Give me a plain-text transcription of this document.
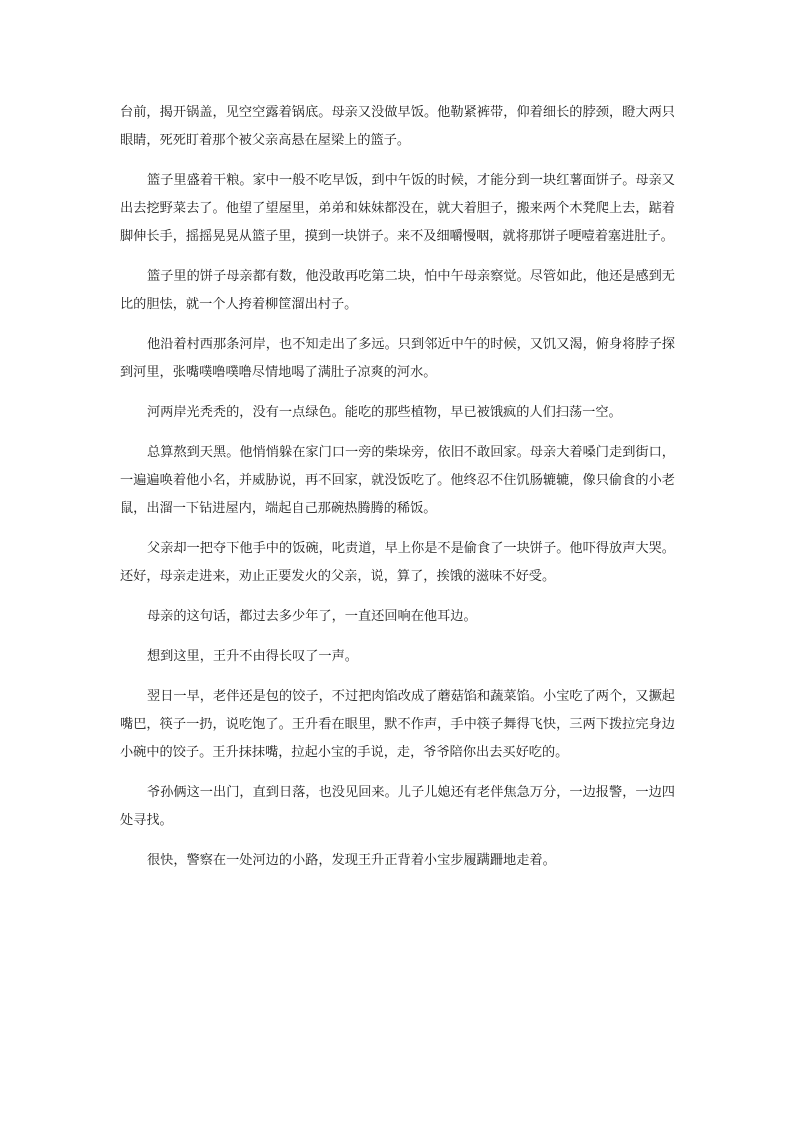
台前，揭开锅盖，见空空露着锅底。母亲又没做早饭。他勒紧裤带，仰着细长的脖颈，瞪大两只眼睛，死死盯着那个被父亲高悬在屋梁上的篮子。

篮子里盛着干粮。家中一般不吃早饭，到中午饭的时候，才能分到一块红薯面饼子。母亲又出去挖野菜去了。他望了望屋里，弟弟和妹妹都没在，就大着胆子，搬来两个木凳爬上去，踮着脚伸长手，摇摇晃晃从篮子里，摸到一块饼子。来不及细嚼慢咽，就将那饼子哽噎着塞进肚子。

篮子里的饼子母亲都有数，他没敢再吃第二块，怕中午母亲察觉。尽管如此，他还是感到无比的胆怯，就一个人挎着柳筐溜出村子。

他沿着村西那条河岸，也不知走出了多远。只到邻近中午的时候，又饥又渴，俯身将脖子探到河里，张嘴噗噜噗噜尽情地喝了满肚子凉爽的河水。

河两岸光秃秃的，没有一点绿色。能吃的那些植物，早已被饿疯的人们扫荡一空。

总算熬到天黑。他悄悄躲在家门口一旁的柴垛旁，依旧不敢回家。母亲大着嗓门走到街口，一遍遍唤着他小名，并威胁说，再不回家，就没饭吃了。他终忍不住饥肠辘辘，像只偷食的小老鼠，出溜一下钻进屋内，端起自己那碗热腾腾的稀饭。

父亲却一把夺下他手中的饭碗，叱责道，早上你是不是偷食了一块饼子。他吓得放声大哭。还好，母亲走进来，劝止正要发火的父亲，说，算了，挨饿的滋味不好受。

母亲的这句话，都过去多少年了，一直还回响在他耳边。

想到这里，王升不由得长叹了一声。

翌日一早，老伴还是包的饺子，不过把肉馅改成了蘑菇馅和蔬菜馅。小宝吃了两个，又撅起嘴巴，筷子一扔，说吃饱了。王升看在眼里，默不作声，手中筷子舞得飞快，三两下拨拉完身边小碗中的饺子。王升抹抹嘴，拉起小宝的手说，走，爷爷陪你出去买好吃的。

爷孙俩这一出门，直到日落，也没见回来。儿子儿媳还有老伴焦急万分，一边报警，一边四处寻找。

很快，警察在一处河边的小路，发现王升正背着小宝步履蹒跚地走着。
